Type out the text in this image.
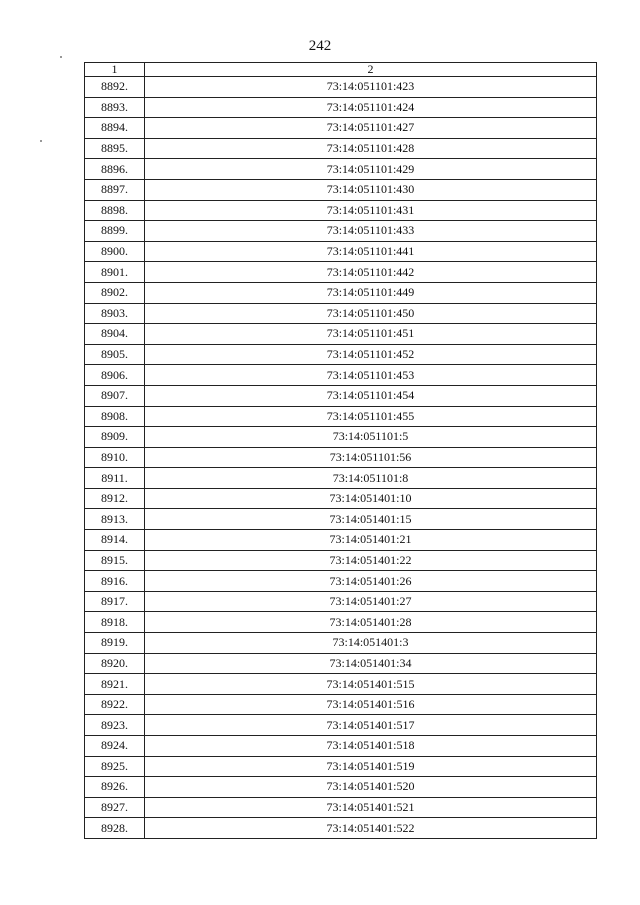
242
1	2
8892.	73:14:051101:423
8893.	73:14:051101:424
8894.	73:14:051101:427
8895.	73:14:051101:428
8896.	73:14:051101:429
8897.	73:14:051101:430
8898.	73:14:051101:431
8899.	73:14:051101:433
8900.	73:14:051101:441
8901.	73:14:051101:442
8902.	73:14:051101:449
8903.	73:14:051101:450
8904.	73:14:051101:451
8905.	73:14:051101:452
8906.	73:14:051101:453
8907.	73:14:051101:454
8908.	73:14:051101:455
8909.	73:14:051101:5
8910.	73:14:051101:56
8911.	73:14:051101:8
8912.	73:14:051401:10
8913.	73:14:051401:15
8914.	73:14:051401:21
8915.	73:14:051401:22
8916.	73:14:051401:26
8917.	73:14:051401:27
8918.	73:14:051401:28
8919.	73:14:051401:3
8920.	73:14:051401:34
8921.	73:14:051401:515
8922.	73:14:051401:516
8923.	73:14:051401:517
8924.	73:14:051401:518
8925.	73:14:051401:519
8926.	73:14:051401:520
8927.	73:14:051401:521
8928.	73:14:051401:522
